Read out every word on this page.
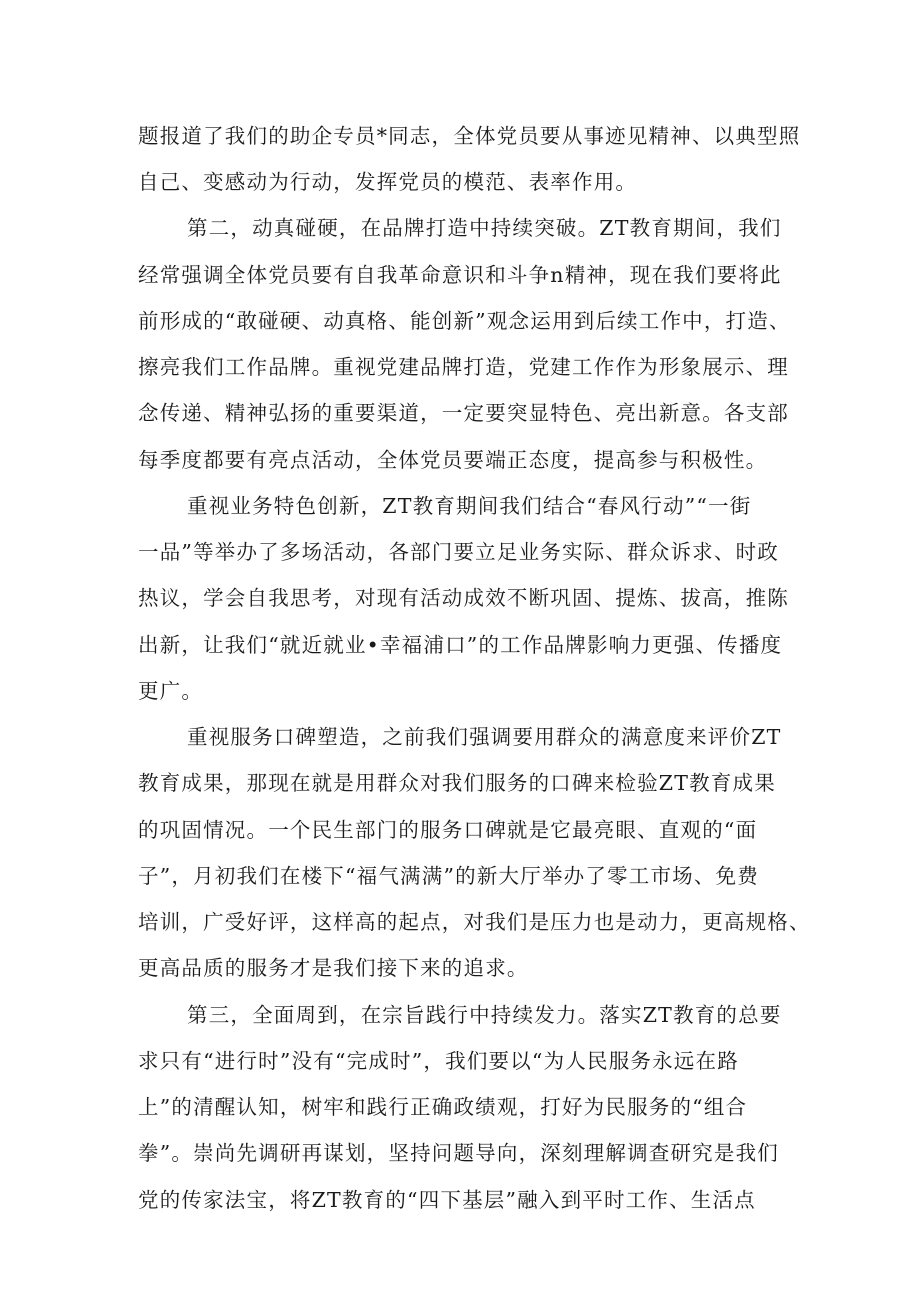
题报道了我们的助企专员*同志，全体党员要从事迹见精神、以典型照
自己、变感动为行动，发挥党员的模范、表率作用。
第二，动真碰硬，在品牌打造中持续突破。ZT教育期间，我们
经常强调全体党员要有自我革命意识和斗争n精神，现在我们要将此
前形成的“敢碰硬、动真格、能创新”观念运用到后续工作中，打造、
擦亮我们工作品牌。重视党建品牌打造，党建工作作为形象展示、理
念传递、精神弘扬的重要渠道，一定要突显特色、亮出新意。各支部
每季度都要有亮点活动，全体党员要端正态度，提高参与积极性。
重视业务特色创新，ZT教育期间我们结合“春风行动”“一街
一品”等举办了多场活动，各部门要立足业务实际、群众诉求、时政
热议，学会自我思考，对现有活动成效不断巩固、提炼、拔高，推陈
出新，让我们“就近就业•幸福浦口”的工作品牌影响力更强、传播度
更广。
重视服务口碑塑造，之前我们强调要用群众的满意度来评价ZT
教育成果，那现在就是用群众对我们服务的口碑来检验ZT教育成果
的巩固情况。一个民生部门的服务口碑就是它最亮眼、直观的“面
子”，月初我们在楼下“福气满满”的新大厅举办了零工市场、免费
培训，广受好评，这样高的起点，对我们是压力也是动力，更高规格、
更高品质的服务才是我们接下来的追求。
第三，全面周到，在宗旨践行中持续发力。落实ZT教育的总要
求只有“进行时”没有“完成时”，我们要以“为人民服务永远在路
上”的清醒认知，树牢和践行正确政绩观，打好为民服务的“组合
拳”。崇尚先调研再谋划，坚持问题导向，深刻理解调查研究是我们
党的传家法宝，将ZT教育的“四下基层”融入到平时工作、生活点
